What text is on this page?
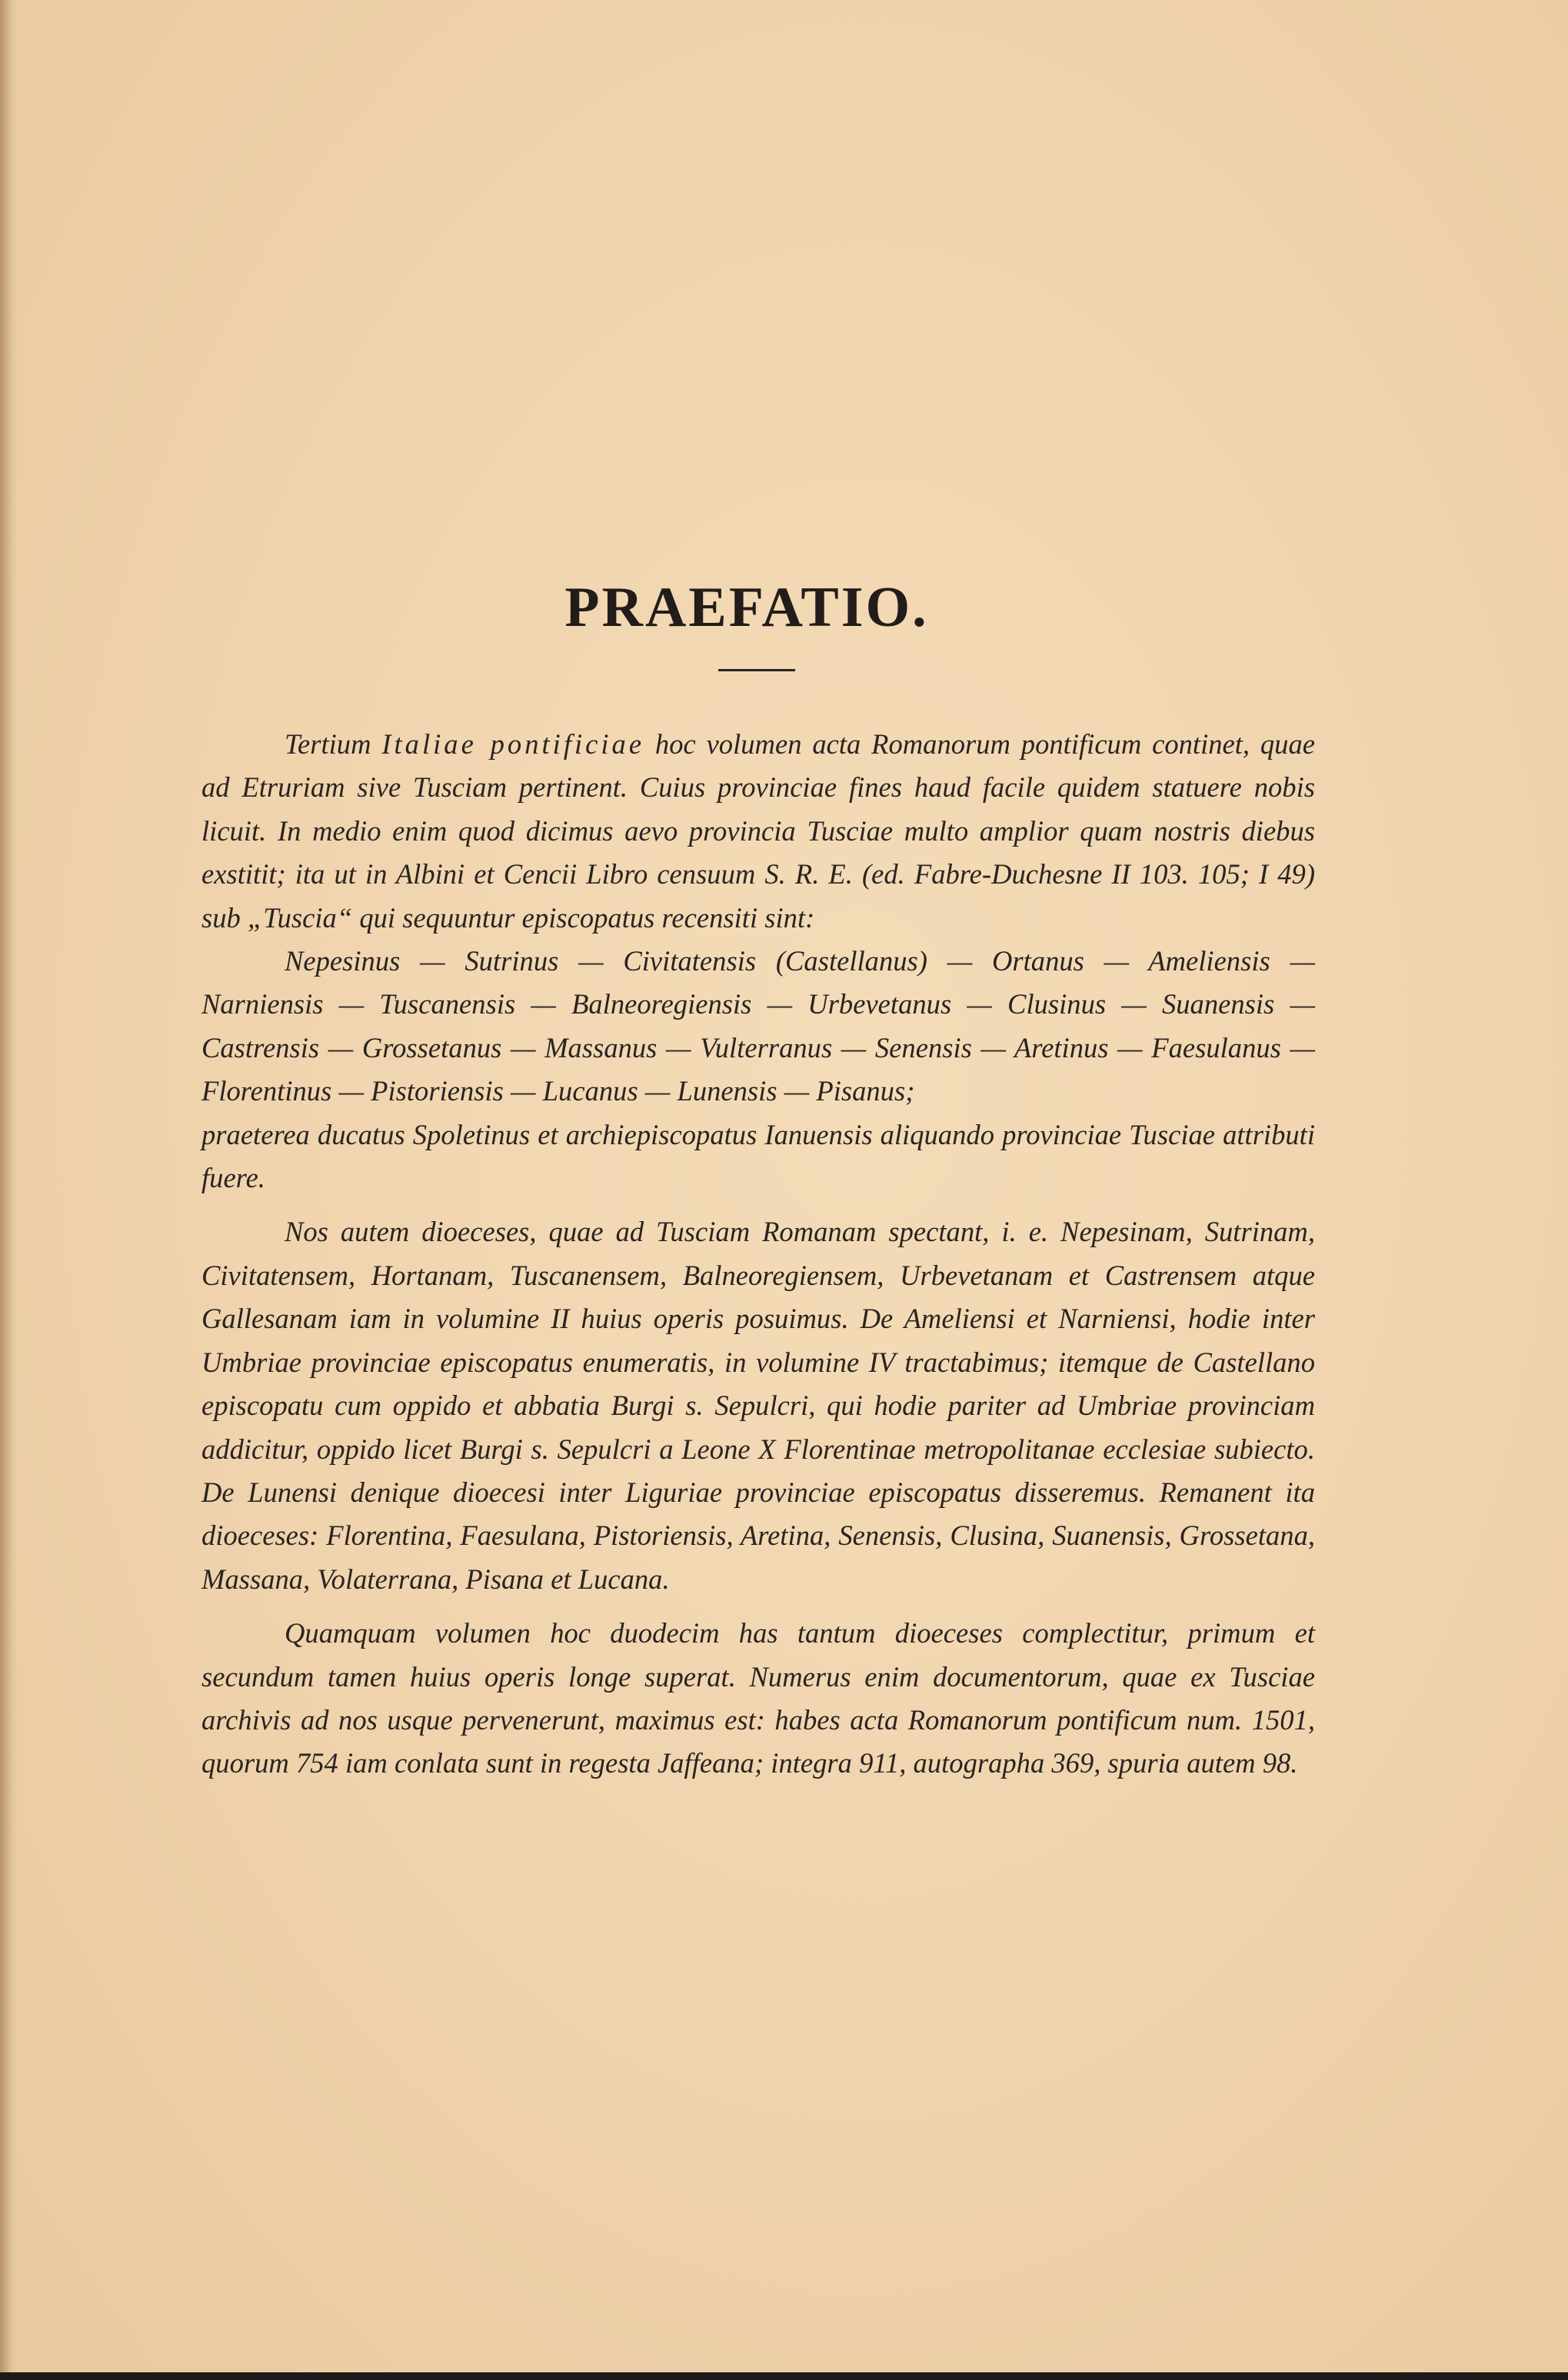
PRAEFATIO.

Tertium Italiae pontificiae hoc volumen acta Romanorum pontificum continet, quae ad Etruriam sive Tusciam pertinent. Cuius provinciae fines haud facile quidem statuere nobis licuit. In medio enim quod dicimus aevo provincia Tusciae multo amplior quam nostris diebus exstitit; ita ut in Albini et Cencii Libro censuum S. R. E. (ed. Fabre-Duchesne II 103. 105; I 49) sub „Tuscia“ qui sequuntur episcopatus recensiti sint:

Nepesinus — Sutrinus — Civitatensis (Castellanus) — Ortanus — Ameliensis — Narniensis — Tuscanensis — Balneoregiensis — Urbevetanus — Clusinus — Suanensis — Castrensis — Grossetanus — Massanus — Vulterranus — Senensis — Aretinus — Faesulanus — Florentinus — Pistoriensis — Lucanus — Lunensis — Pisanus;

praeterea ducatus Spoletinus et archiepiscopatus Ianuensis aliquando provinciae Tusciae attributi fuere.

Nos autem dioeceses, quae ad Tusciam Romanam spectant, i. e. Nepesinam, Sutrinam, Civitatensem, Hortanam, Tuscanensem, Balneoregiensem, Urbevetanam et Castrensem atque Gallesanam iam in volumine II huius operis posuimus. De Ameliensi et Narniensi, hodie inter Umbriae provinciae episcopatus enumeratis, in volumine IV tractabimus; itemque de Castellano episcopatu cum oppido et abbatia Burgi s. Sepulcri, qui hodie pariter ad Umbriae provinciam addicitur, oppido licet Burgi s. Sepulcri a Leone X Florentinae metropolitanae ecclesiae subiecto. De Lunensi denique dioecesi inter Liguriae provinciae episcopatus disseremus. Remanent ita dioeceses: Florentina, Faesulana, Pistoriensis, Aretina, Senensis, Clusina, Suanensis, Grossetana, Massana, Volaterrana, Pisana et Lucana.

Quamquam volumen hoc duodecim has tantum dioeceses complectitur, primum et secundum tamen huius operis longe superat. Numerus enim documentorum, quae ex Tusciae archivis ad nos usque pervenerunt, maximus est: habes acta Romanorum pontificum num. 1501, quorum 754 iam conlata sunt in regesta Jaffeana; integra 911, autographa 369, spuria autem 98.
